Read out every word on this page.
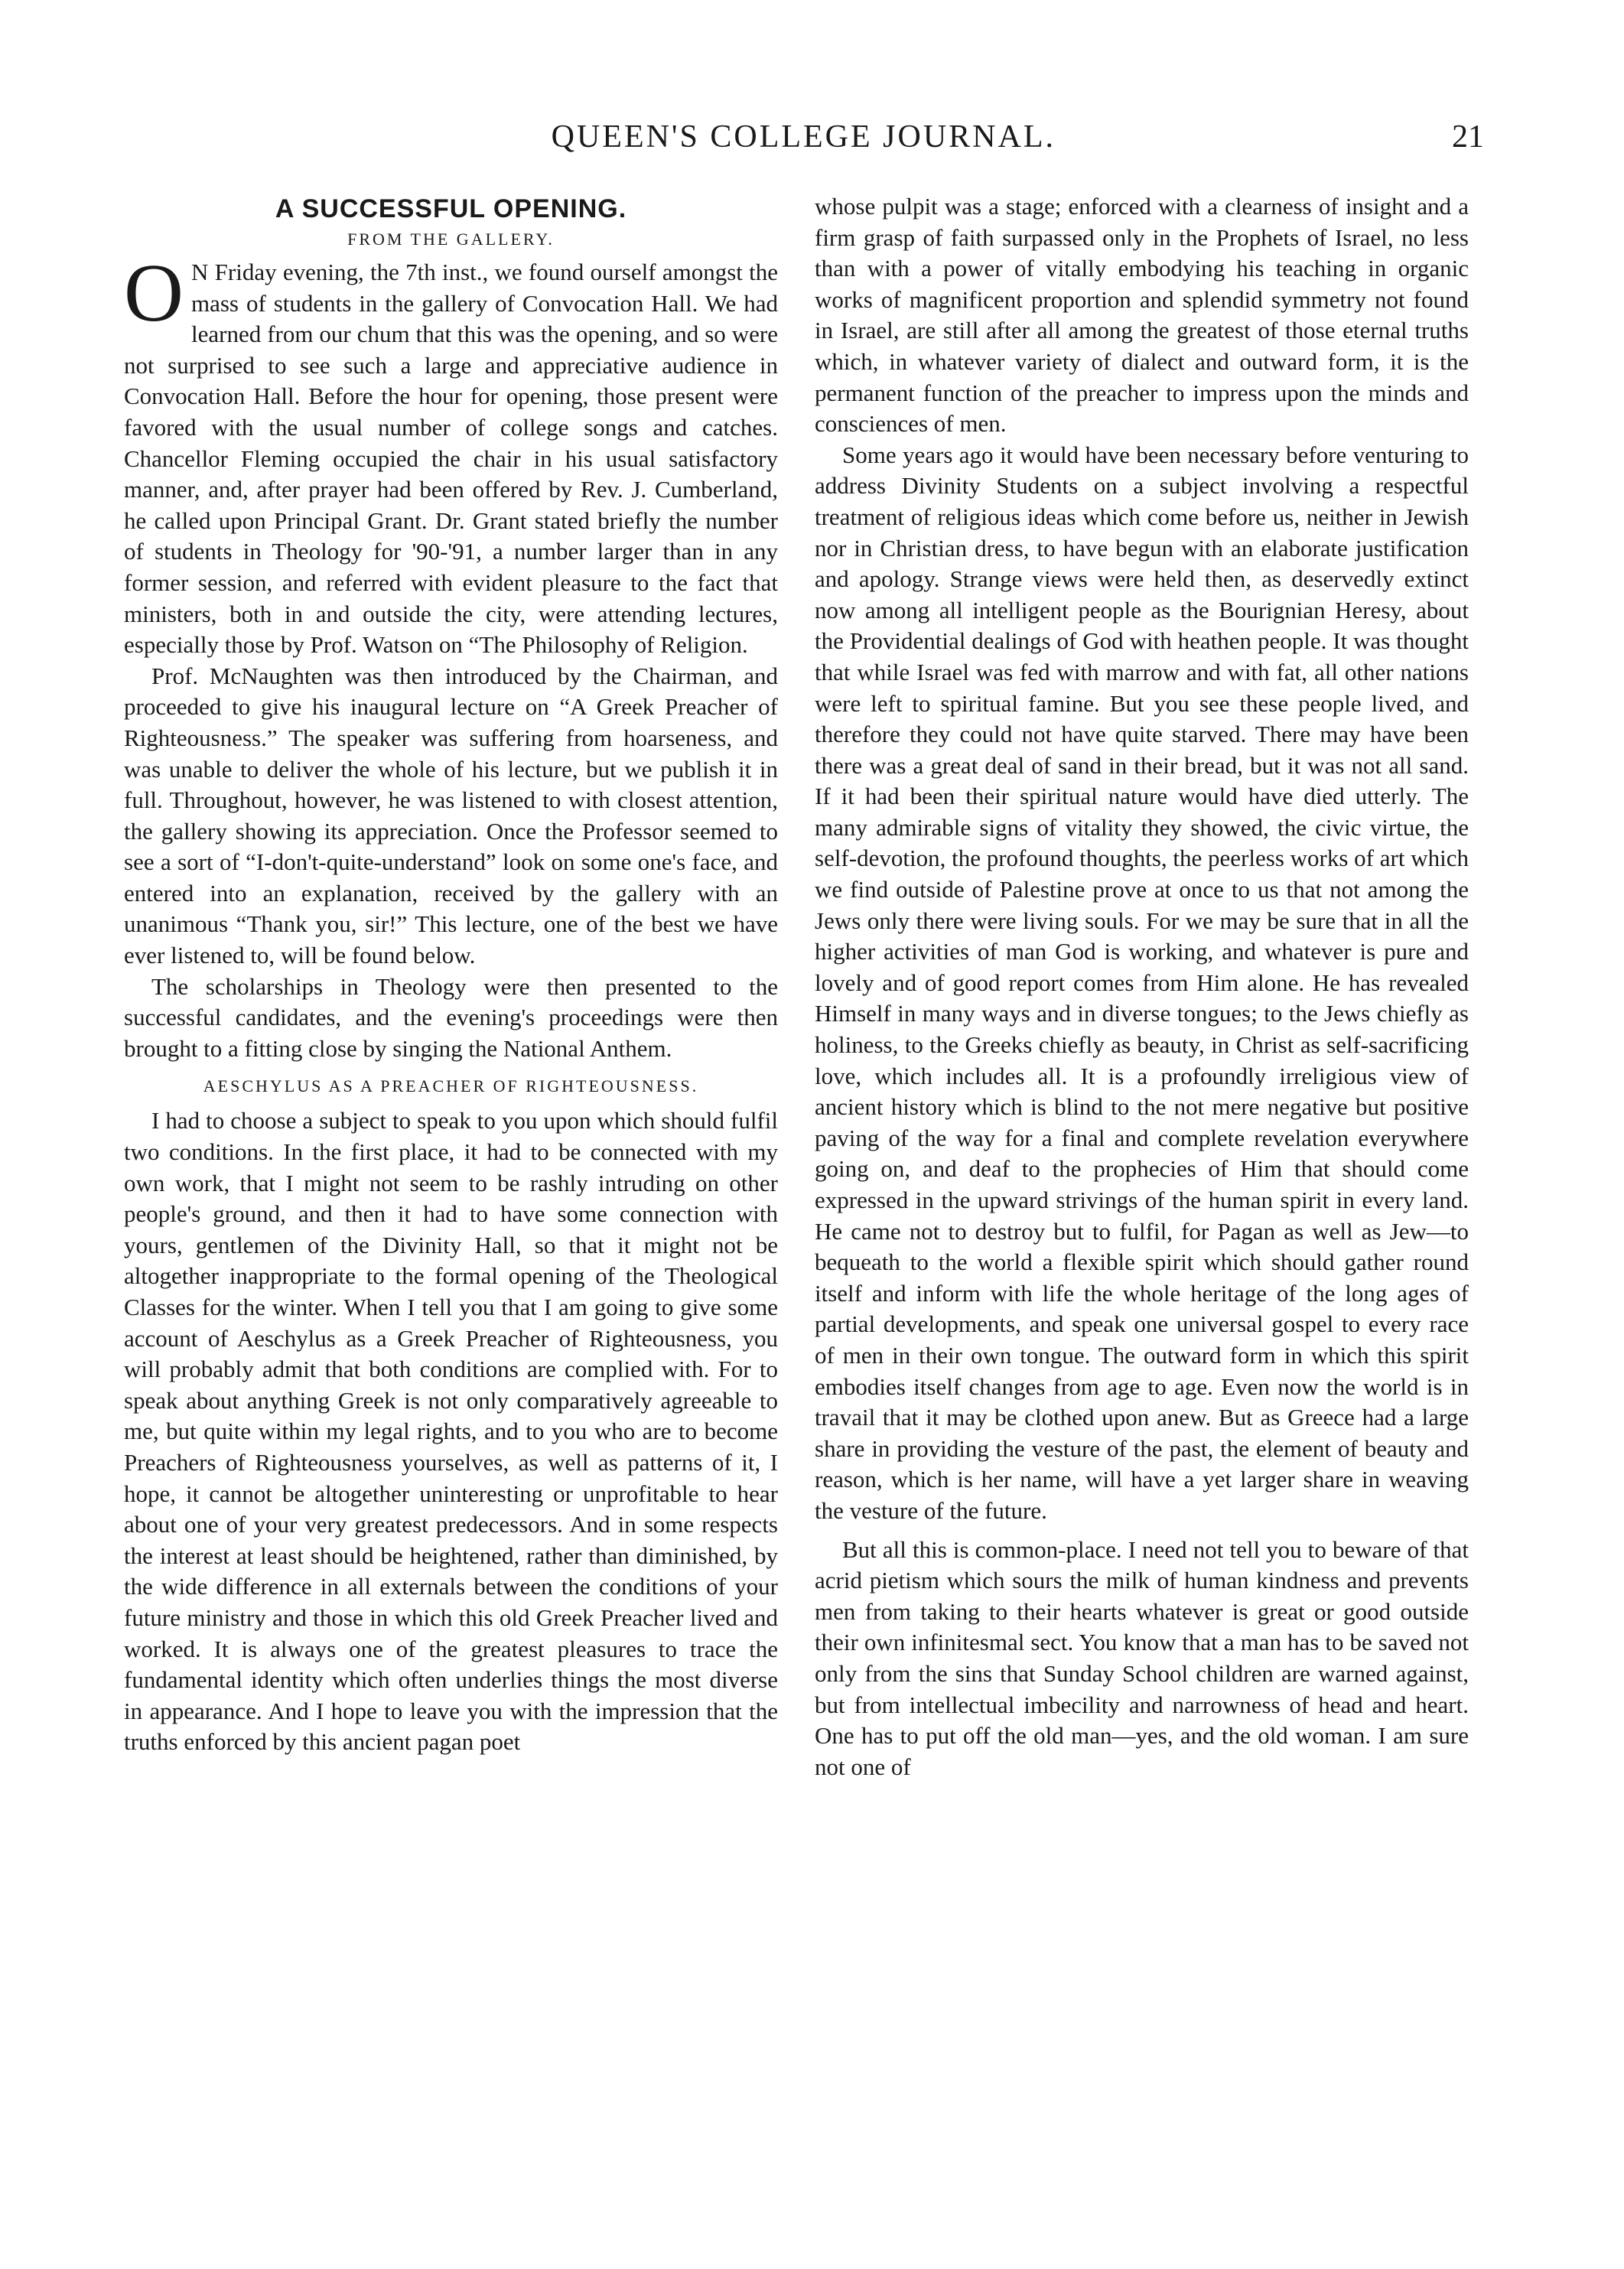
QUEEN'S COLLEGE JOURNAL.	21
A SUCCESSFUL OPENING.
FROM THE GALLERY.

O N Friday evening, the 7th inst., we found ourself amongst the mass of students in the gallery of Convocation Hall. We had learned from our chum that this was the opening, and so were not surprised to see such a large and appreciative audience in Convocation Hall. Before the hour for opening, those present were favored with the usual number of college songs and catches. Chancellor Fleming occupied the chair in his usual satisfactory manner, and, after prayer had been offered by Rev. J. Cumberland, he called upon Principal Grant. Dr. Grant stated briefly the number of students in Theology for '90-'91, a number larger than in any former session, and referred with evident pleasure to the fact that ministers, both in and outside the city, were attending lectures, especially those by Prof. Watson on “The Philosophy of Religion.

Prof. McNaughten was then introduced by the Chairman, and proceeded to give his inaugural lecture on “A Greek Preacher of Righteousness.” The speaker was suffering from hoarseness, and was unable to deliver the whole of his lecture, but we publish it in full. Throughout, however, he was listened to with closest attention, the gallery showing its appreciation. Once the Professor seemed to see a sort of “I-don't-quite-understand” look on some one's face, and entered into an explanation, received by the gallery with an unanimous “Thank you, sir!” This lecture, one of the best we have ever listened to, will be found below.

The scholarships in Theology were then presented to the successful candidates, and the evening's proceedings were then brought to a fitting close by singing the National Anthem.

AESCHYLUS AS A PREACHER OF RIGHTEOUSNESS.

I had to choose a subject to speak to you upon which should fulfil two conditions. In the first place, it had to be connected with my own work, that I might not seem to be rashly intruding on other people's ground, and then it had to have some connection with yours, gentlemen of the Divinity Hall, so that it might not be altogether inappropriate to the formal opening of the Theological Classes for the winter. When I tell you that I am going to give some account of Aeschylus as a Greek Preacher of Righteousness, you will probably admit that both conditions are complied with. For to speak about anything Greek is not only comparatively agreeable to me, but quite within my legal rights, and to you who are to become Preachers of Righteousness yourselves, as well as patterns of it, I hope, it cannot be altogether uninteresting or unprofitable to hear about one of your very greatest predecessors. And in some respects the interest at least should be heightened, rather than diminished, by the wide difference in all externals between the conditions of your future ministry and those in which this old Greek Preacher lived and worked. It is always one of the greatest pleasures to trace the fundamental identity which often underlies things the most diverse in appearance. And I hope to leave you with the impression that the truths enforced by this ancient pagan poet

whose pulpit was a stage; enforced with a clearness of insight and a firm grasp of faith surpassed only in the Prophets of Israel, no less than with a power of vitally embodying his teaching in organic works of magnificent proportion and splendid symmetry not found in Israel, are still after all among the greatest of those eternal truths which, in whatever variety of dialect and outward form, it is the permanent function of the preacher to impress upon the minds and consciences of men.

Some years ago it would have been necessary before venturing to address Divinity Students on a subject involving a respectful treatment of religious ideas which come before us, neither in Jewish nor in Christian dress, to have begun with an elaborate justification and apology. Strange views were held then, as deservedly extinct now among all intelligent people as the Bourignian Heresy, about the Providential dealings of God with heathen people. It was thought that while Israel was fed with marrow and with fat, all other nations were left to spiritual famine. But you see these people lived, and therefore they could not have quite starved. There may have been there was a great deal of sand in their bread, but it was not all sand. If it had been their spiritual nature would have died utterly. The many admirable signs of vitality they showed, the civic virtue, the self-devotion, the profound thoughts, the peerless works of art which we find outside of Palestine prove at once to us that not among the Jews only there were living souls. For we may be sure that in all the higher activities of man God is working, and whatever is pure and lovely and of good report comes from Him alone. He has revealed Himself in many ways and in diverse tongues; to the Jews chiefly as holiness, to the Greeks chiefly as beauty, in Christ as self-sacrificing love, which includes all. It is a profoundly irreligious view of ancient history which is blind to the not mere negative but positive paving of the way for a final and complete revelation everywhere going on, and deaf to the prophecies of Him that should come expressed in the upward strivings of the human spirit in every land. He came not to destroy but to fulfil, for Pagan as well as Jew—to bequeath to the world a flexible spirit which should gather round itself and inform with life the whole heritage of the long ages of partial developments, and speak one universal gospel to every race of men in their own tongue. The outward form in which this spirit embodies itself changes from age to age. Even now the world is in travail that it may be clothed upon anew. But as Greece had a large share in providing the vesture of the past, the element of beauty and reason, which is her name, will have a yet larger share in weaving the vesture of the future.

But all this is common-place. I need not tell you to beware of that acrid pietism which sours the milk of human kindness and prevents men from taking to their hearts whatever is great or good outside their own infinitesmal sect. You know that a man has to be saved not only from the sins that Sunday School children are warned against, but from intellectual imbecility and narrowness of head and heart. One has to put off the old man—yes, and the old woman. I am sure not one of
